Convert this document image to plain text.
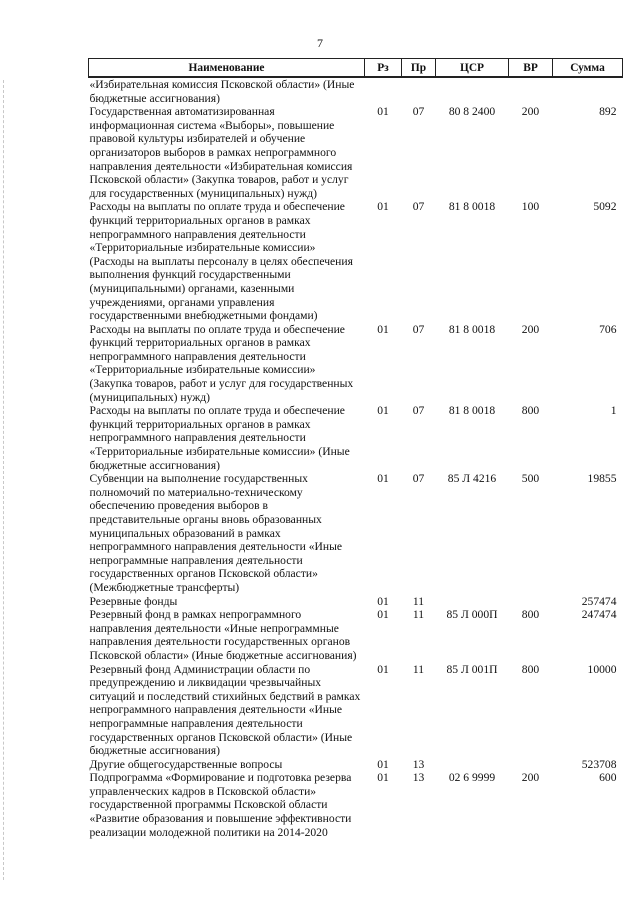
7
Наименование	Рз	Пр	ЦСР	ВР	Сумма
«Избирательная комиссия Псковской области» (Иные бюджетные ассигнования)					
Государственная автоматизированная информационная система «Выборы», повышение правовой культуры избирателей и обучение организаторов выборов в рамках непрограммного направления деятельности «Избирательная комиссия Псковской области» (Закупка товаров, работ и услуг для государственных (муниципальных) нужд)	01	07	80 8 2400	200	892
Расходы на выплаты по оплате труда и обеспечение функций территориальных органов в рамках непрограммного направления деятельности «Территориальные избирательные комиссии» (Расходы на выплаты персоналу в целях обеспечения выполнения функций государственными (муниципальными) органами, казенными учреждениями, органами управления государственными внебюджетными фондами)	01	07	81 8 0018	100	5092
Расходы на выплаты по оплате труда и обеспечение функций территориальных органов в рамках непрограммного направления деятельности «Территориальные избирательные комиссии» (Закупка товаров, работ и услуг для государственных (муниципальных) нужд)	01	07	81 8 0018	200	706
Расходы на выплаты по оплате труда и обеспечение функций территориальных органов в рамках непрограммного направления деятельности «Территориальные избирательные комиссии» (Иные бюджетные ассигнования)	01	07	81 8 0018	800	1
Субвенции на выполнение государственных полномочий по материально-техническому обеспечению проведения выборов в представительные органы вновь образованных муниципальных образований в рамках непрограммного направления деятельности «Иные непрограммные направления деятельности государственных органов Псковской области» (Межбюджетные трансферты)	01	07	85 Л 4216	500	19855
Резервные фонды	01	11			257474
Резервный фонд в рамках непрограммного направления деятельности «Иные непрограммные направления деятельности государственных органов Псковской области» (Иные бюджетные ассигнования)	01	11	85 Л 000П	800	247474
Резервный фонд Администрации области по предупреждению и ликвидации чрезвычайных ситуаций и последствий стихийных бедствий в рамках непрограммного направления деятельности «Иные непрограммные направления деятельности государственных органов Псковской области» (Иные бюджетные ассигнования)	01	11	85 Л 001П	800	10000
Другие общегосударственные вопросы	01	13			523708
Подпрограмма «Формирование и подготовка резерва управленческих кадров в Псковской области» государственной программы Псковской области «Развитие образования и повышение эффективности реализации молодежной политики на 2014-2020	01	13	02 6 9999	200	600
